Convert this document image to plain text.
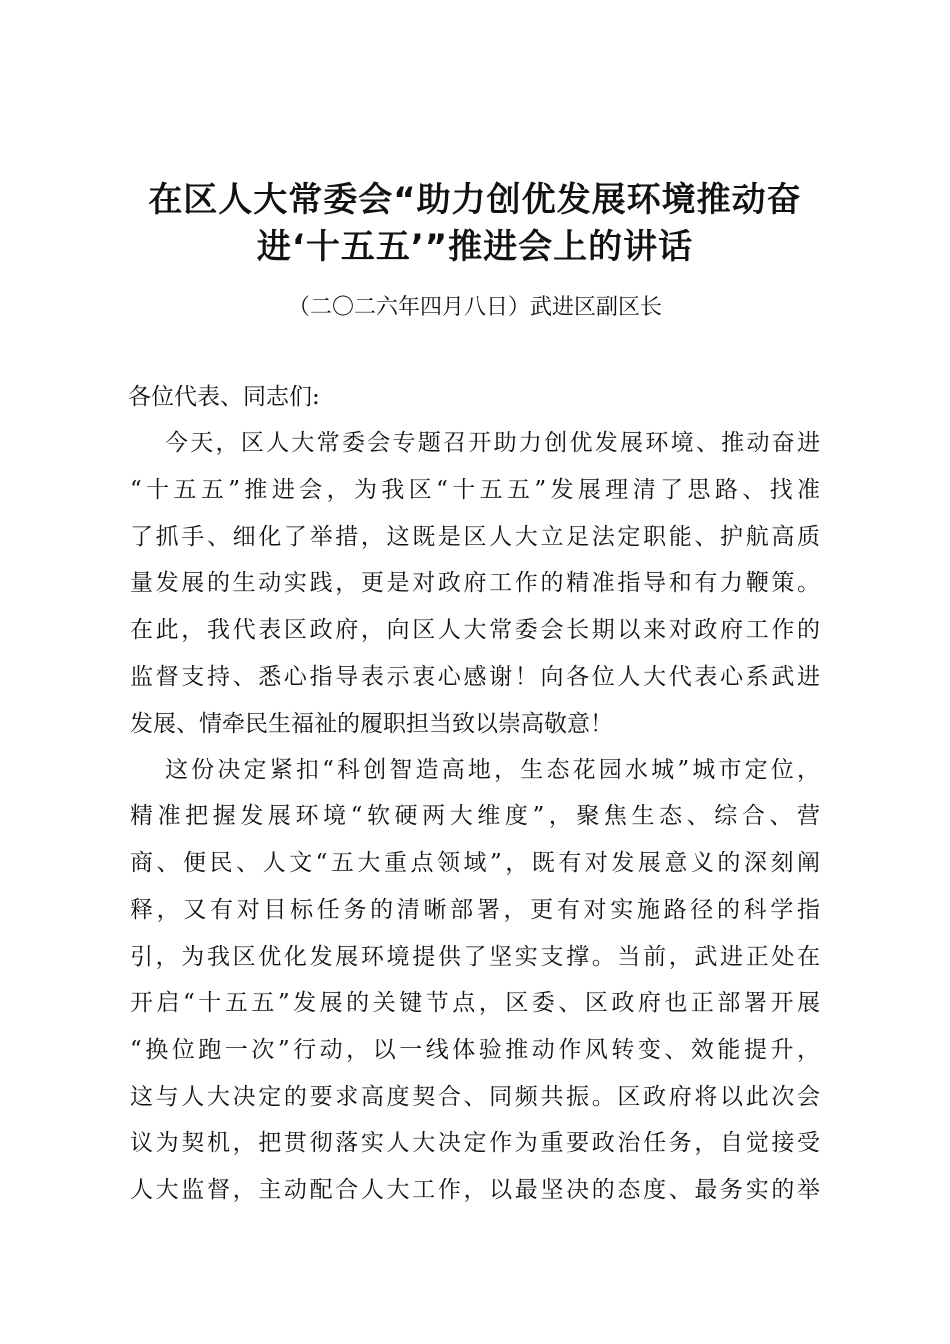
在区人大常委会“助力创优发展环境推动奋
进‘十五五’”推进会上的讲话
（二〇二六年四月八日）武进区副区长
各位代表、同志们:
今天，区人大常委会专题召开助力创优发展环境、推动奋进
“十五五”推进会，为我区“十五五”发展理清了思路、找准
了抓手、细化了举措，这既是区人大立足法定职能、护航高质
量发展的生动实践，更是对政府工作的精准指导和有力鞭策。
在此，我代表区政府，向区人大常委会长期以来对政府工作的
监督支持、悉心指导表示衷心感谢！向各位人大代表心系武进
发展、情牵民生福祉的履职担当致以崇高敬意！
这份决定紧扣“科创智造高地，生态花园水城”城市定位，
精准把握发展环境“软硬两大维度”，聚焦生态、综合、营
商、便民、人文“五大重点领域”，既有对发展意义的深刻阐
释，又有对目标任务的清晰部署，更有对实施路径的科学指
引，为我区优化发展环境提供了坚实支撑。当前，武进正处在
开启“十五五”发展的关键节点，区委、区政府也正部署开展
“换位跑一次”行动，以一线体验推动作风转变、效能提升，
这与人大决定的要求高度契合、同频共振。区政府将以此次会
议为契机，把贯彻落实人大决定作为重要政治任务，自觉接受
人大监督，主动配合人大工作，以最坚决的态度、最务实的举
